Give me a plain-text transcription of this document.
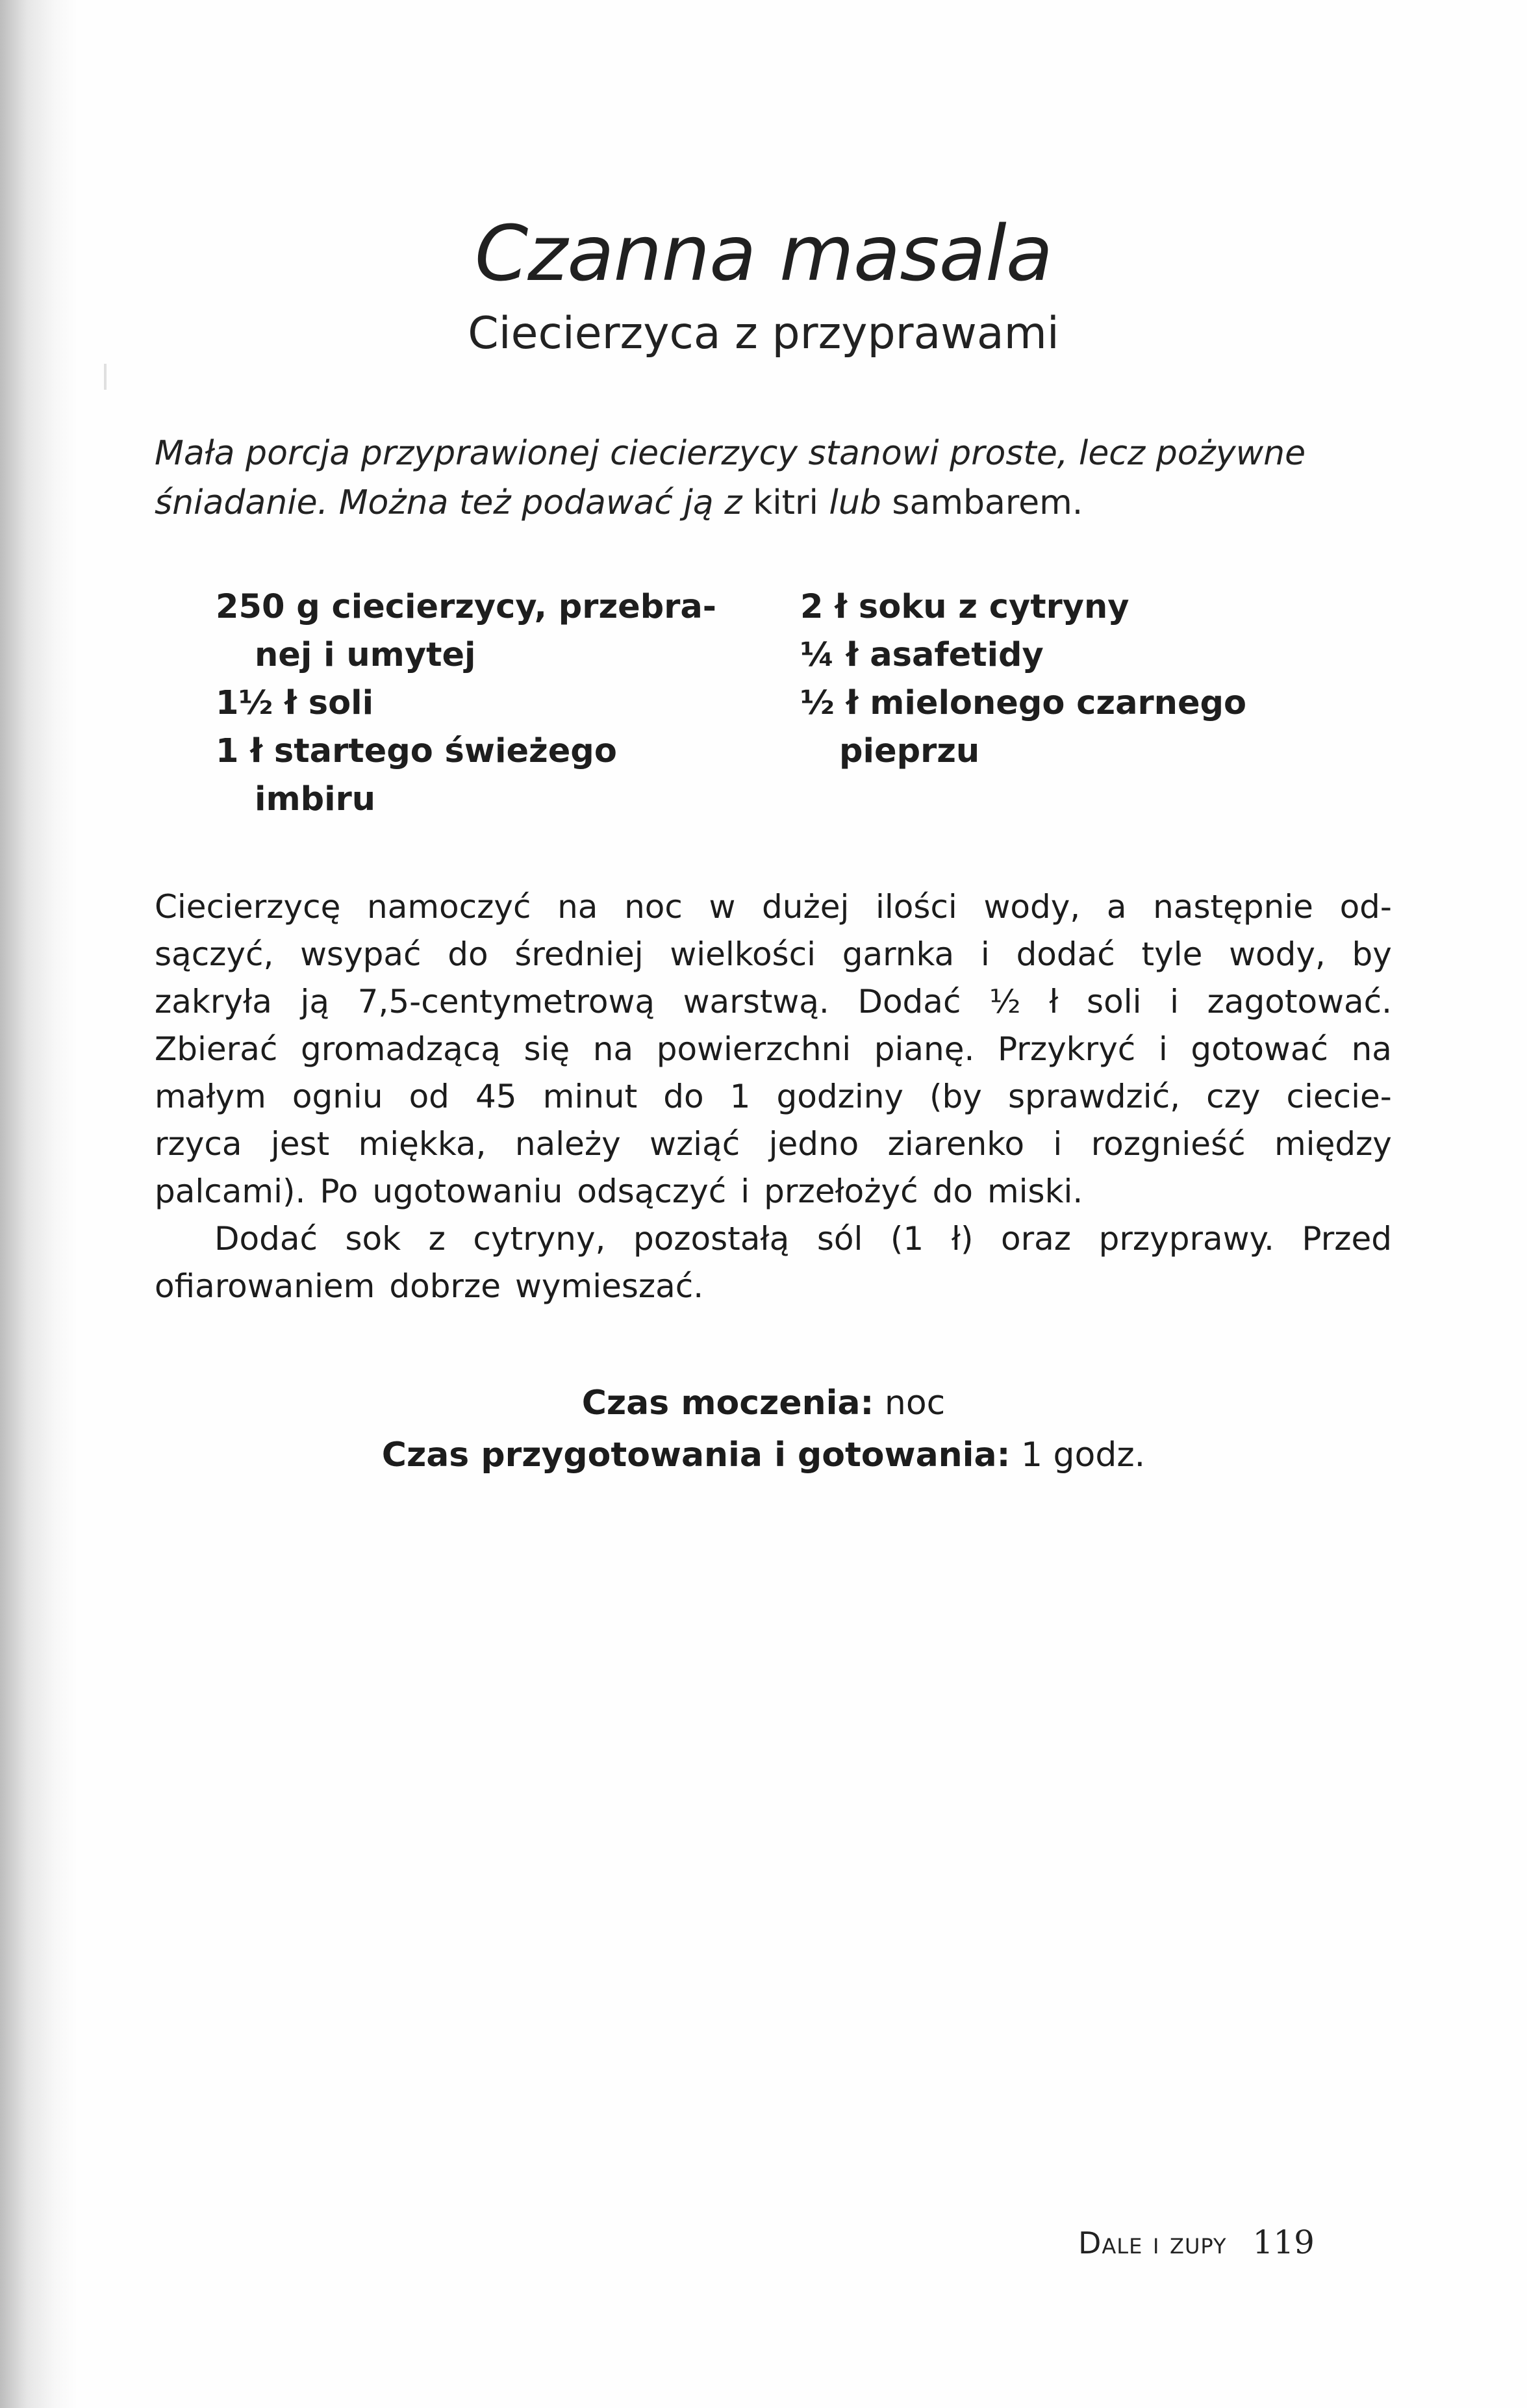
Czanna masala
Ciecierzyca z przyprawami
Mała porcja przyprawionej ciecierzycy stanowi proste, lecz pożywne
śniadanie. Można też podawać ją z kitri lub sambarem.
250 g ciecierzycy, przebra-
nej i umytej
1½ ł soli
1 ł startego świeżego
imbiru
2 ł soku z cytryny
¼ ł asafetidy
½ ł mielonego czarnego
pieprzu
Ciecierzycę namoczyć na noc w dużej ilości wody, a następnie od-
sączyć, wsypać do średniej wielkości garnka i dodać tyle wody, by
zakryła ją 7,5-centymetrową warstwą. Dodać ½ ł soli i zagotować.
Zbierać gromadzącą się na powierzchni pianę. Przykryć i gotować na
małym ogniu od 45 minut do 1 godziny (by sprawdzić, czy ciecie-
rzyca jest miękka, należy wziąć jedno ziarenko i rozgnieść między
palcami). Po ugotowaniu odsączyć i przełożyć do miski.
Dodać sok z cytryny, pozostałą sól (1 ł) oraz przyprawy. Przed
ofiarowaniem dobrze wymieszać.
Czas moczenia: noc
Czas przygotowania i gotowania: 1 godz.
Dale i zupy 119
